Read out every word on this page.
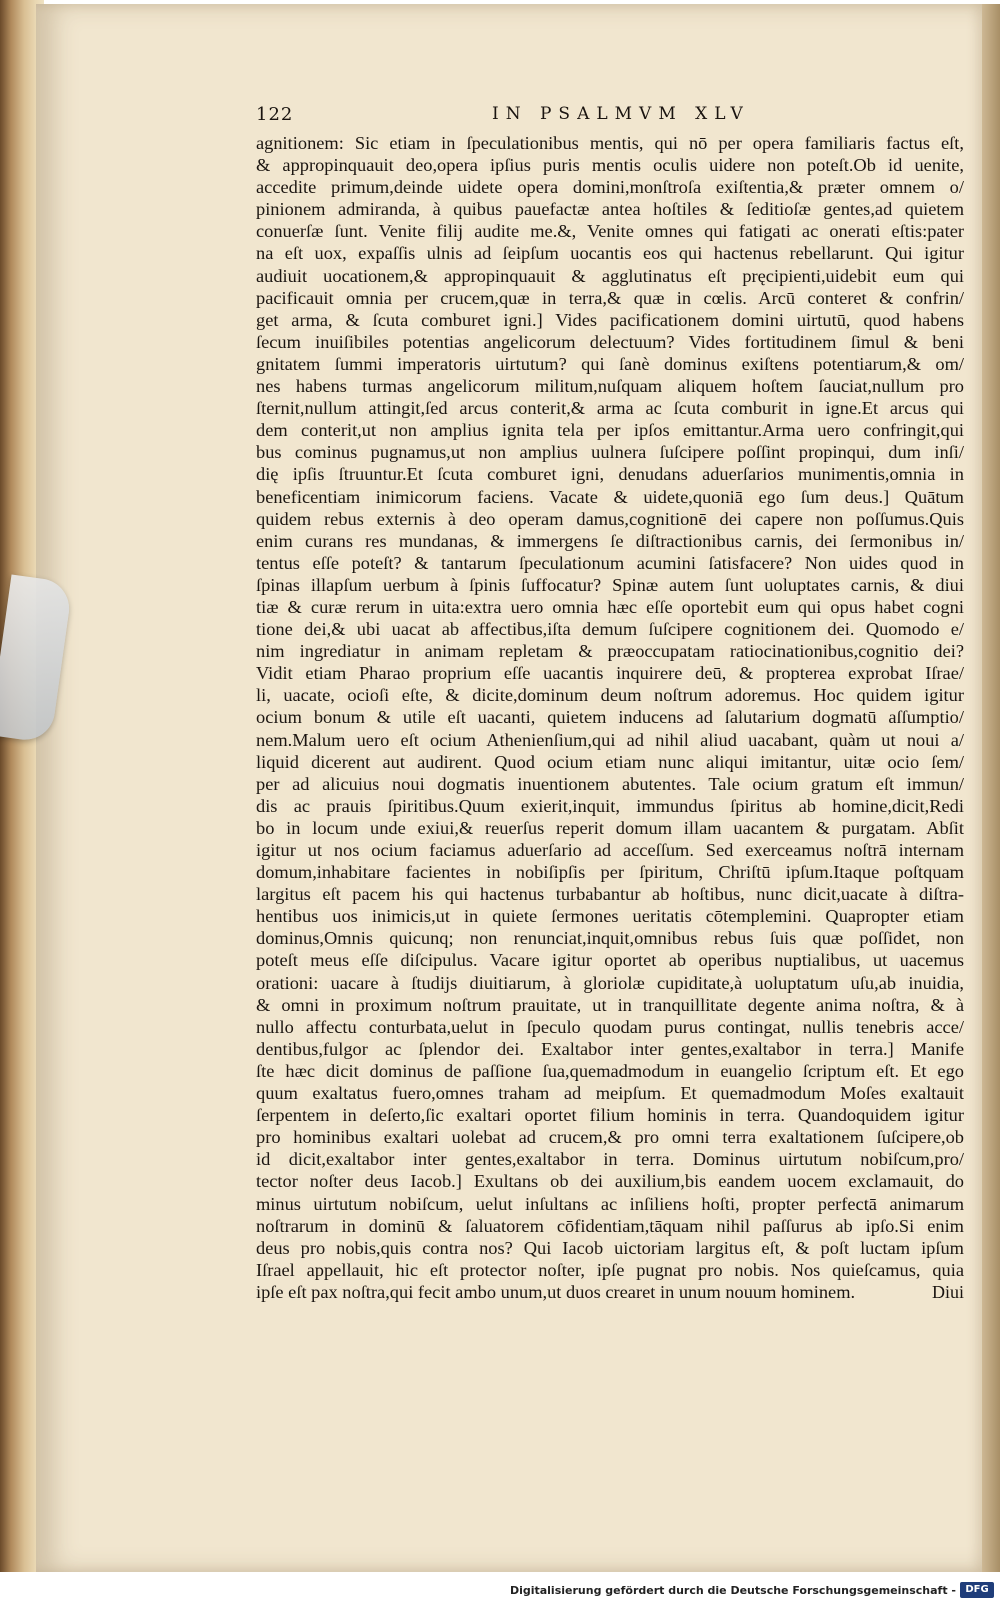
122	IN PSALMVM XLV
agnitionem: Sic etiam in ſpeculationibus mentis, qui nō per opera familiaris factus eſt,
& appropinquauit deo,opera ipſius puris mentis oculis uidere non poteſt.Ob id uenite,
accedite primum,deinde uidete opera domini,monſtroſa exiſtentia,& præter omnem o/
pinionem admiranda, à quibus pauefactæ antea hoſtiles & ſeditioſæ gentes,ad quietem
conuerſæ ſunt. Venite filij audite me.&, Venite omnes qui fatigati ac onerati eſtis:pater
na eſt uox, expaſſis ulnis ad ſeipſum uocantis eos qui hactenus rebellarunt. Qui igitur
audiuit uocationem,& appropinquauit & agglutinatus eſt pręcipienti,uidebit eum qui
pacificauit omnia per crucem,quæ in terra,& quæ in cœlis. Arcū conteret & confrin/
get arma, & ſcuta comburet igni.] Vides pacificationem domini uirtutū, quod habens
ſecum inuiſibiles potentias angelicorum delectuum? Vides fortitudinem ſimul & beni
gnitatem ſummi imperatoris uirtutum? qui ſanè dominus exiſtens potentiarum,& om/
nes habens turmas angelicorum militum,nuſquam aliquem hoſtem ſauciat,nullum pro
ſternit,nullum attingit,ſed arcus conterit,& arma ac ſcuta comburit in igne.Et arcus qui
dem conterit,ut non amplius ignita tela per ipſos emittantur.Arma uero confringit,qui
bus cominus pugnamus,ut non amplius uulnera ſuſcipere poſſint propinqui, dum inſi/
dię ipſis ſtruuntur.Et ſcuta comburet igni, denudans aduerſarios munimentis,omnia in
beneficentiam inimicorum faciens. Vacate & uidete,quoniā ego ſum deus.] Quātum
quidem rebus externis à deo operam damus,cognitionē dei capere non poſſumus.Quis
enim curans res mundanas, & immergens ſe diſtractionibus carnis, dei ſermonibus in/
tentus eſſe poteſt? & tantarum ſpeculationum acumini ſatisfacere? Non uides quod in
ſpinas illapſum uerbum à ſpinis ſuffocatur? Spinæ autem ſunt uoluptates carnis, & diui
tiæ & curæ rerum in uita:extra uero omnia hæc eſſe oportebit eum qui opus habet cogni
tione dei,& ubi uacat ab affectibus,iſta demum ſuſcipere cognitionem dei. Quomodo e/
nim ingrediatur in animam repletam & præoccupatam ratiocinationibus,cognitio dei?
Vidit etiam Pharao proprium eſſe uacantis inquirere deū, & propterea exprobat Iſrae/
li, uacate, ocioſi eſte, & dicite,dominum deum noſtrum adoremus. Hoc quidem igitur
ocium bonum & utile eſt uacanti, quietem inducens ad ſalutarium dogmatū aſſumptio/
nem.Malum uero eſt ocium Athenienſium,qui ad nihil aliud uacabant, quàm ut noui a/
liquid dicerent aut audirent. Quod ocium etiam nunc aliqui imitantur, uitæ ocio ſem/
per ad alicuius noui dogmatis inuentionem abutentes. Tale ocium gratum eſt immun/
dis ac prauis ſpiritibus.Quum exierit,inquit, immundus ſpiritus ab homine,dicit,Redi
bo in locum unde exiui,& reuerſus reperit domum illam uacantem & purgatam. Abſit
igitur ut nos ocium faciamus aduerſario ad acceſſum. Sed exerceamus noſtrā internam
domum,inhabitare facientes in nobiſipſis per ſpiritum, Chriſtū ipſum.Itaque poſtquam
largitus eſt pacem his qui hactenus turbabantur ab hoſtibus, nunc dicit,uacate à diſtra-
hentibus uos inimicis,ut in quiete ſermones ueritatis cōtemplemini. Quapropter etiam
dominus,Omnis quicunq; non renunciat,inquit,omnibus rebus ſuis quæ poſſidet, non
poteſt meus eſſe diſcipulus. Vacare igitur oportet ab operibus nuptialibus, ut uacemus
orationi: uacare à ſtudijs diuitiarum, à gloriolæ cupiditate,à uoluptatum uſu,ab inuidia,
& omni in proximum noſtrum prauitate, ut in tranquillitate degente anima noſtra, & à
nullo affectu conturbata,uelut in ſpeculo quodam purus contingat, nullis tenebris acce/
dentibus,fulgor ac ſplendor dei. Exaltabor inter gentes,exaltabor in terra.] Manife
ſte hæc dicit dominus de paſſione ſua,quemadmodum in euangelio ſcriptum eſt. Et ego
quum exaltatus fuero,omnes traham ad meipſum. Et quemadmodum Moſes exaltauit
ſerpentem in deſerto,ſic exaltari oportet filium hominis in terra. Quandoquidem igitur
pro hominibus exaltari uolebat ad crucem,& pro omni terra exaltationem ſuſcipere,ob
id dicit,exaltabor inter gentes,exaltabor in terra. Dominus uirtutum nobiſcum,pro/
tector noſter deus Iacob.] Exultans ob dei auxilium,bis eandem uocem exclamauit, do
minus uirtutum nobiſcum, uelut inſultans ac inſiliens hoſti, propter perfectā animarum
noſtrarum in dominū & ſaluatorem cōfidentiam,tāquam nihil paſſurus ab ipſo.Si enim
deus pro nobis,quis contra nos? Qui Iacob uictoriam largitus eſt, & poſt luctam ipſum
Iſrael appellauit, hic eſt protector noſter, ipſe pugnat pro nobis. Nos quieſcamus, quia
ipſe eſt pax noſtra,qui fecit ambo unum,ut duos crearet in unum nouum hominem.	Diui
Digitalisierung gefördert durch die Deutsche Forschungsgemeinschaft - DFG
